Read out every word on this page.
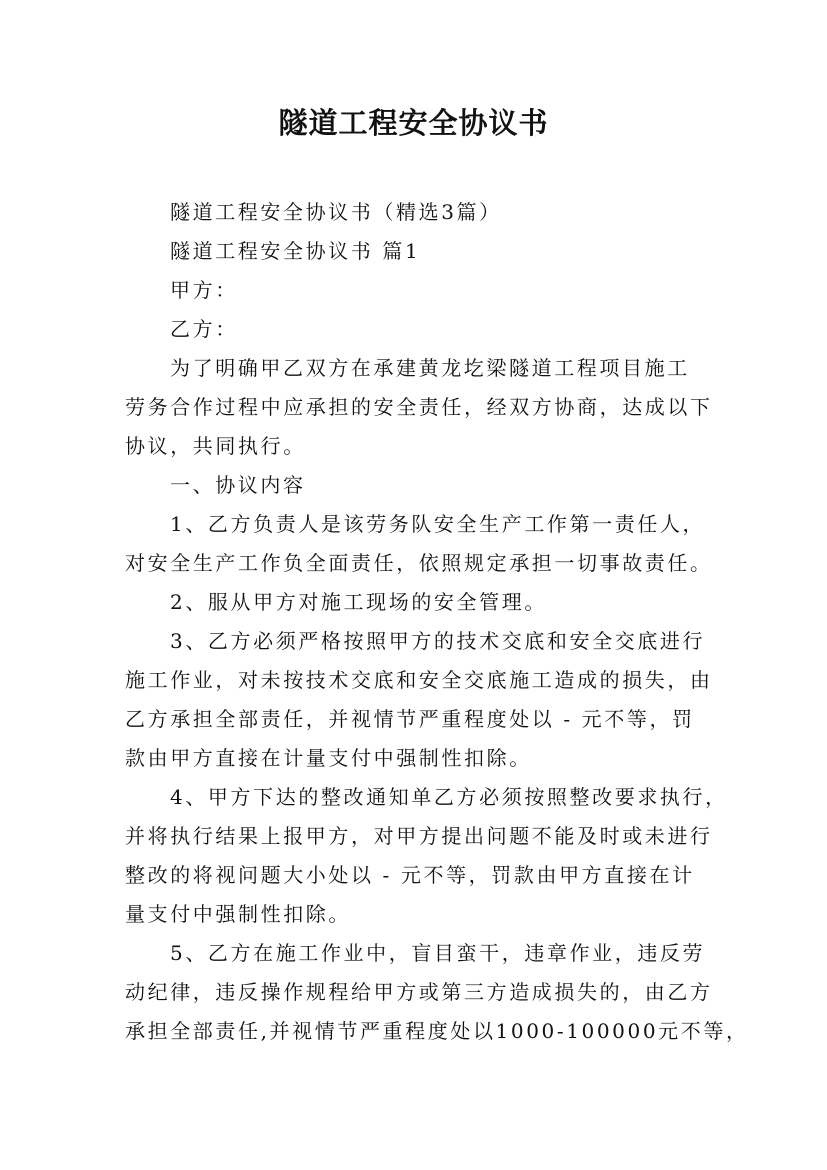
隧道工程安全协议书
隧道工程安全协议书（精选3篇）
隧道工程安全协议书 篇1
甲方：
乙方：
为了明确甲乙双方在承建黄龙圪梁隧道工程项目施工
劳务合作过程中应承担的安全责任，经双方协商，达成以下
协议，共同执行。
一、协议内容
1、乙方负责人是该劳务队安全生产工作第一责任人，
对安全生产工作负全面责任，依照规定承担一切事故责任。
2、服从甲方对施工现场的安全管理。
3、乙方必须严格按照甲方的技术交底和安全交底进行
施工作业，对未按技术交底和安全交底施工造成的损失，由
乙方承担全部责任，并视情节严重程度处以 - 元不等，罚
款由甲方直接在计量支付中强制性扣除。
4、甲方下达的整改通知单乙方必须按照整改要求执行，
并将执行结果上报甲方，对甲方提出问题不能及时或未进行
整改的将视问题大小处以 - 元不等，罚款由甲方直接在计
量支付中强制性扣除。
5、乙方在施工作业中，盲目蛮干，违章作业，违反劳
动纪律，违反操作规程给甲方或第三方造成损失的，由乙方
承担全部责任,并视情节严重程度处以1000-100000元不等，
